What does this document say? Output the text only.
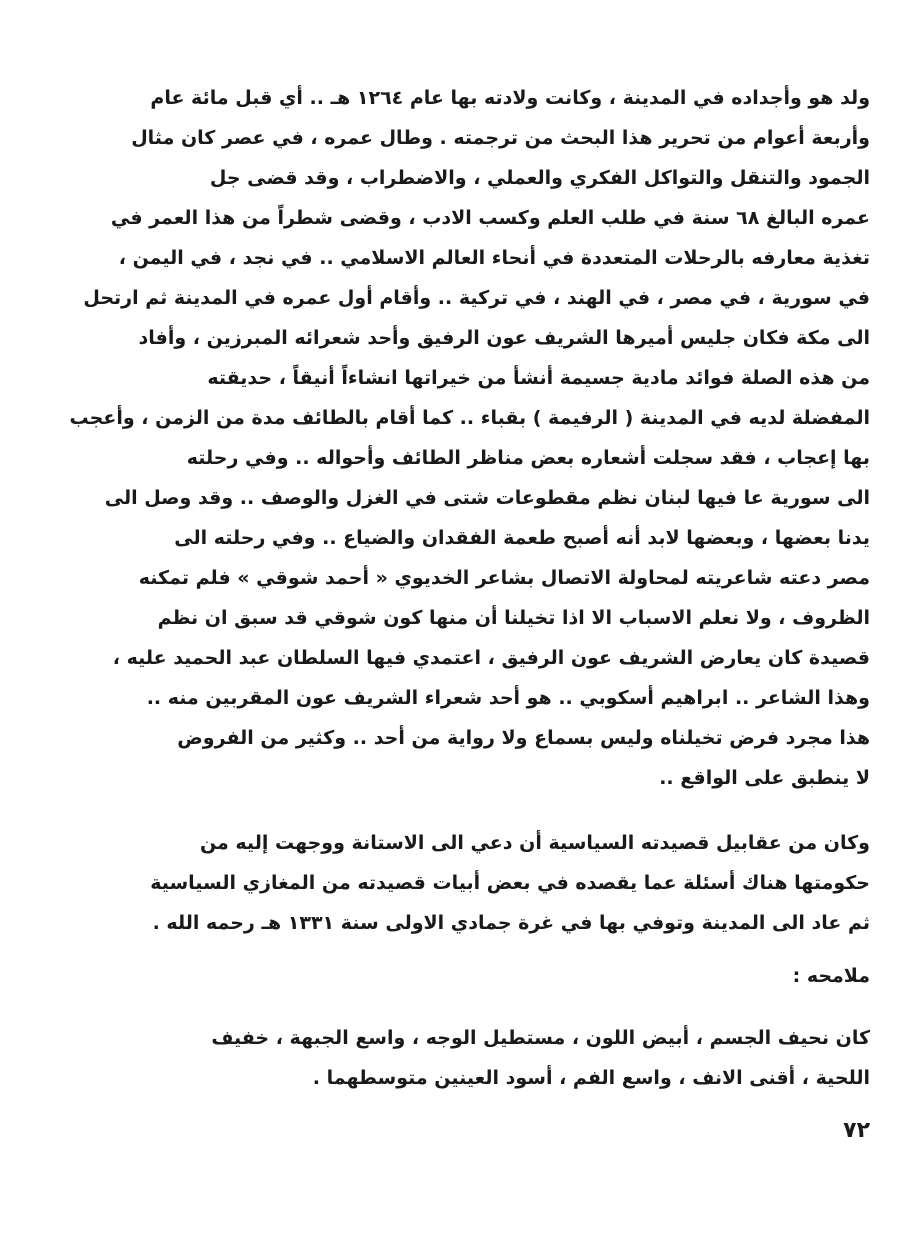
ولد هو وأجداده في المدينة ، وكانت ولادته بها عام ١٢٦٤ هـ .. أي قبل مائة عام
وأربعة أعوام من تحرير هذا البحث من ترجمته . وطال عمره ، في عصر كان مثال
الجمود والتنقل والتواكل الفكري والعملي ، والاضطراب ، وقد قضى جل
عمره البالغ ٦٨ سنة في طلب العلم وكسب الادب ، وقضى شطراً من هذا العمر في
تغذية معارفه بالرحلات المتعددة في أنحاء العالم الاسلامي .. في نجد ، في اليمن ،
في سورية ، في مصر ، في الهند ، في تركية .. وأقام أول عمره في المدينة ثم ارتحل
الى مكة فكان جليس أميرها الشريف عون الرفيق وأحد شعرائه المبرزين ، وأفاد
من هذه الصلة فوائد مادية جسيمة أنشأ من خيراتها انشاءاً أنيقاً ، حديقته
المفضلة لديه في المدينة ( الرفيمة ) بقباء .. كما أقام بالطائف مدة من الزمن ، وأعجب
بها إعجاب ، فقد سجلت أشعاره بعض مناظر الطائف وأحواله .. وفي رحلته
الى سورية عا فيها لبنان نظم مقطوعات شتى في الغزل والوصف .. وقد وصل الى
يدنا بعضها ، وبعضها لابد أنه أصبح طعمة الفقدان والضياع .. وفي رحلته الى
مصر دعته شاعريته لمحاولة الاتصال بشاعر الخديوي « أحمد شوقي » فلم تمكنه
الظروف ، ولا نعلم الاسباب الا اذا تخيلنا أن منها كون شوقي قد سبق ان نظم
قصيدة كان يعارض الشريف عون الرفيق ، اعتمدي فيها السلطان عبد الحميد عليه ،
وهذا الشاعر .. ابراهيم أسكوبي .. هو أحد شعراء الشريف عون المقربين منه ..
هذا مجرد فرض تخيلناه وليس بسماع ولا رواية من أحد .. وكثير من الفروض
لا ينطبق على الواقع ..
وكان من عقابيل قصيدته السياسية أن دعي الى الاستانة ووجهت إليه من
حكومتها هناك أسئلة عما يقصده في بعض أبيات قصيدته من المغازي السياسية
ثم عاد الى المدينة وتوفي بها في غرة جمادي الاولى سنة ١٣٣١ هـ رحمه الله .
ملامحه :
كان نحيف الجسم ، أبيض اللون ، مستطيل الوجه ، واسع الجبهة ، خفيف
اللحية ، أقنى الانف ، واسع الفم ، أسود العينين متوسطهما .
٧٢
